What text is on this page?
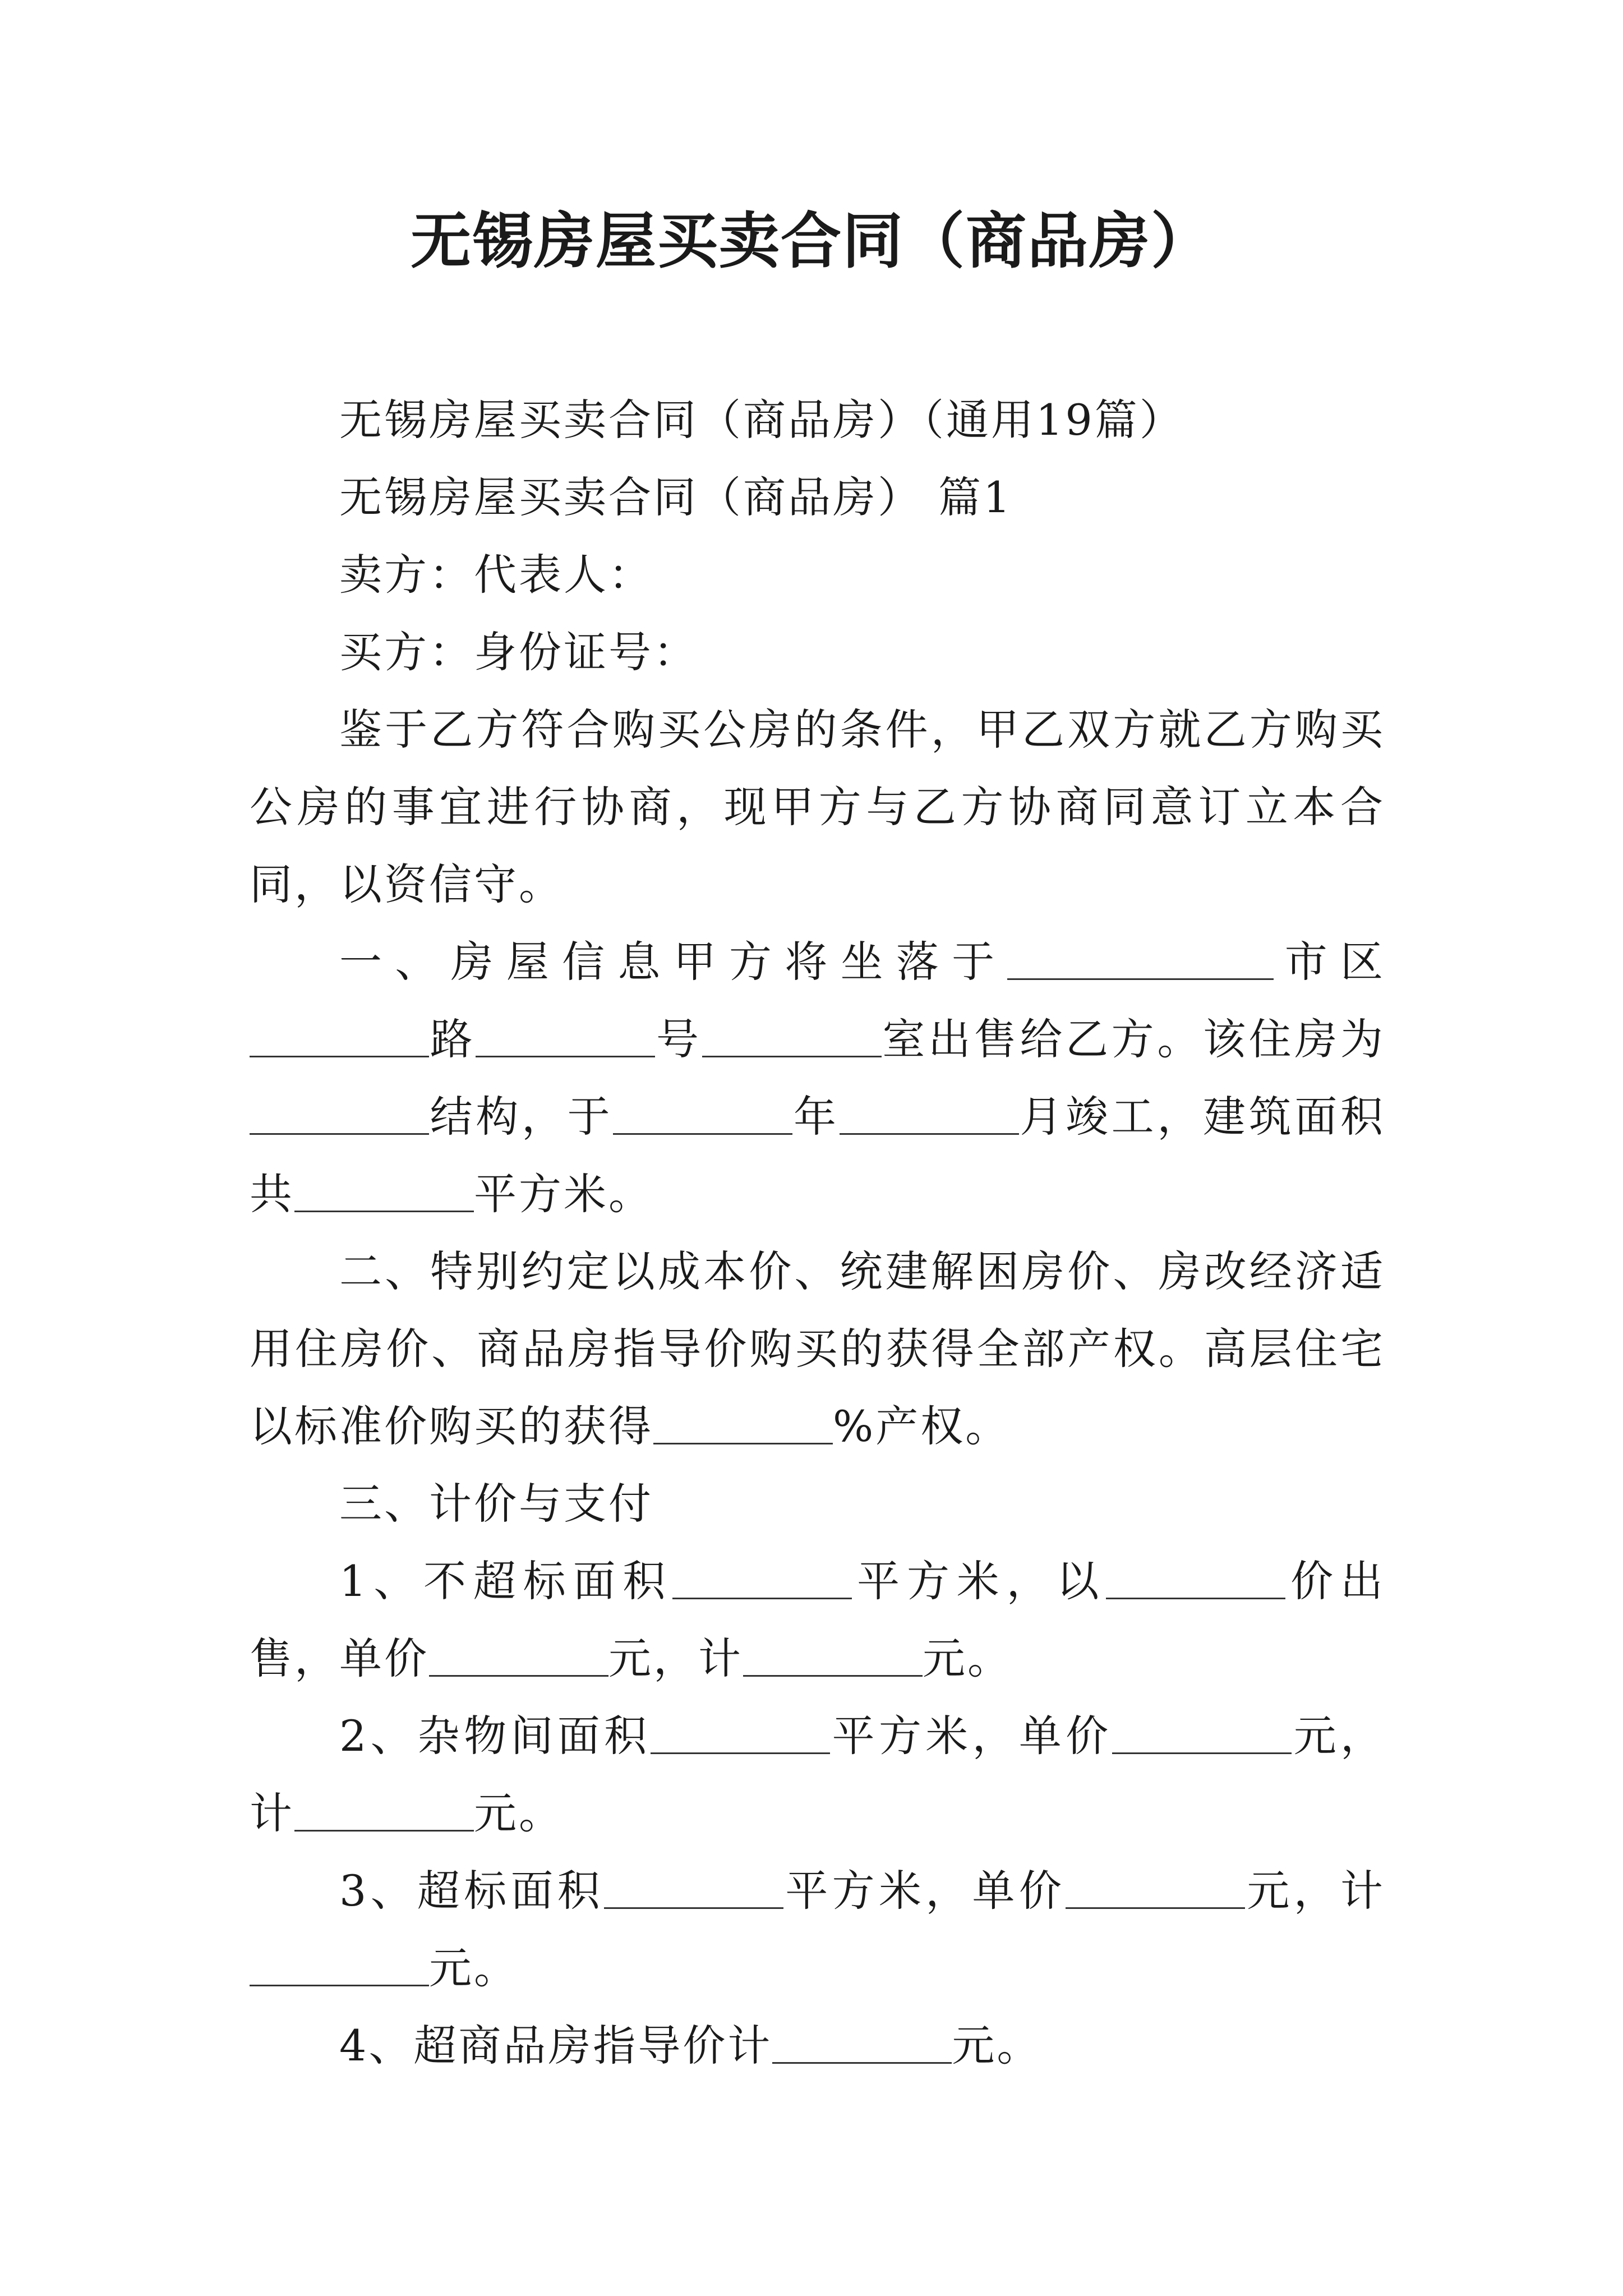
无锡房屋买卖合同（商品房）

无锡房屋买卖合同（商品房）（通用19篇）

无锡房屋买卖合同（商品房） 篇1

卖方：代表人：

买方：身份证号：

鉴于乙方符合购买公房的条件，甲乙双方就乙方购买公房的事宜进行协商，现甲方与乙方协商同意订立本合同，以资信守。

一、房屋信息甲方将坐落于	市区路	号	室出售给乙方。该住房为结构，于	年	月竣工，建筑面积共	平方米。

二、特别约定以成本价、统建解困房价、房改经济适用住房价、商品房指导价购买的获得全部产权。高层住宅以标准价购买的获得	%产权。

三、计价与支付

1、不超标面积	平方米，以	价出售，单价	元，计	元。

2、杂物间面积	平方米，单价	元，计	元。

3、超标面积	平方米，单价	元，计元。

4、超商品房指导价计	元。
